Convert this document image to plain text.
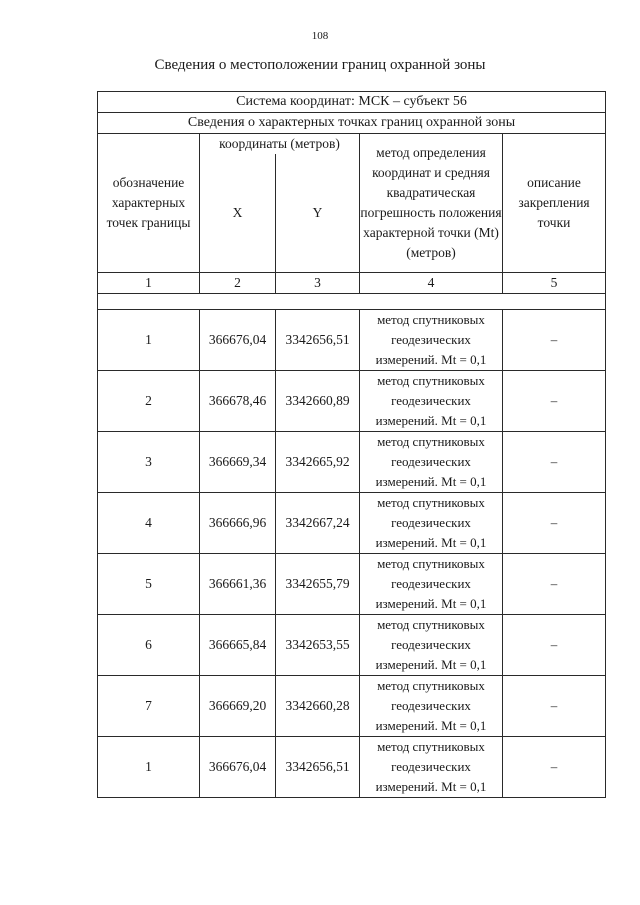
108
Сведения о местоположении границ охранной зоны
Система координат: МСК – субъект 56				
Сведения о характерных точках границ охранной зоны				
обозначение характерных точек границы	координаты (метров)		метод определения координат и средняя квадратическая погрешность положения характерной точки (Mt) (метров)	описание закрепления точки
	X	Y		
1	2	3	4	5

1	366676,04	3342656,51	метод спутниковых геодезических измерений. Mt = 0,1	–
2	366678,46	3342660,89	метод спутниковых геодезических измерений. Mt = 0,1	–
3	366669,34	3342665,92	метод спутниковых геодезических измерений. Mt = 0,1	–
4	366666,96	3342667,24	метод спутниковых геодезических измерений. Mt = 0,1	–
5	366661,36	3342655,79	метод спутниковых геодезических измерений. Mt = 0,1	–
6	366665,84	3342653,55	метод спутниковых геодезических измерений. Mt = 0,1	–
7	366669,20	3342660,28	метод спутниковых геодезических измерений. Mt = 0,1	–
1	366676,04	3342656,51	метод спутниковых геодезических измерений. Mt = 0,1	–
